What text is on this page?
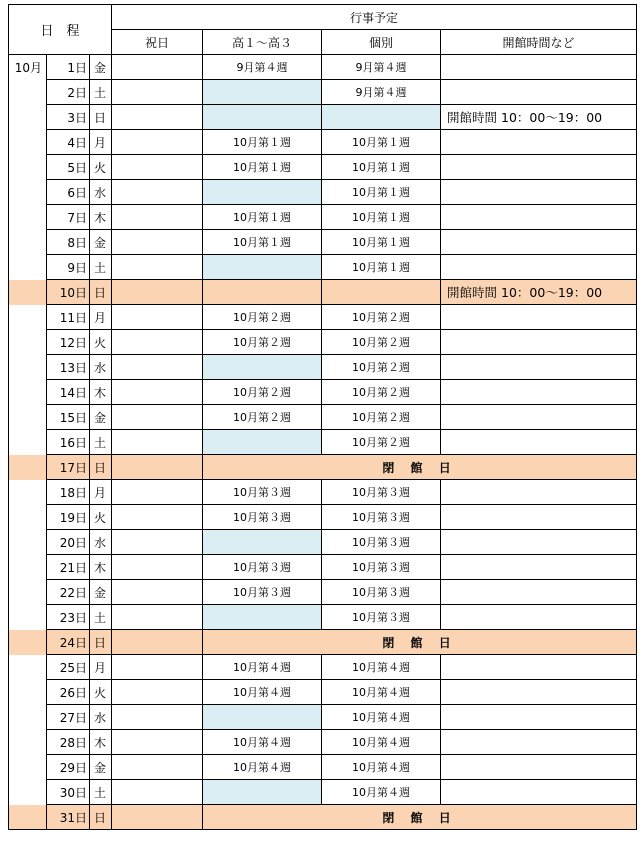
日　程			行事予定			
			祝日	高１～高３	個別	開館時間など
10月	1日	金		9月第４週	9月第４週	
	2日	土			9月第４週	
	3日	日				開館時間 10：00～19：00
	4日	月		10月第１週	10月第１週	
	5日	火		10月第１週	10月第１週	
	6日	水			10月第１週	
	7日	木		10月第１週	10月第１週	
	8日	金		10月第１週	10月第１週	
	9日	土			10月第１週	
	10日	日				開館時間 10：00～19：00
	11日	月		10月第２週	10月第２週	
	12日	火		10月第２週	10月第２週	
	13日	水			10月第２週	
	14日	木		10月第２週	10月第２週	
	15日	金		10月第２週	10月第２週	
	16日	土			10月第２週	
	17日	日		閉 館 日		
	18日	月		10月第３週	10月第３週	
	19日	火		10月第３週	10月第３週	
	20日	水			10月第３週	
	21日	木		10月第３週	10月第３週	
	22日	金		10月第３週	10月第３週	
	23日	土			10月第３週	
	24日	日		閉 館 日		
	25日	月		10月第４週	10月第４週	
	26日	火		10月第４週	10月第４週	
	27日	水			10月第４週	
	28日	木		10月第４週	10月第４週	
	29日	金		10月第４週	10月第４週	
	30日	土			10月第４週	
	31日	日		閉 館 日		
